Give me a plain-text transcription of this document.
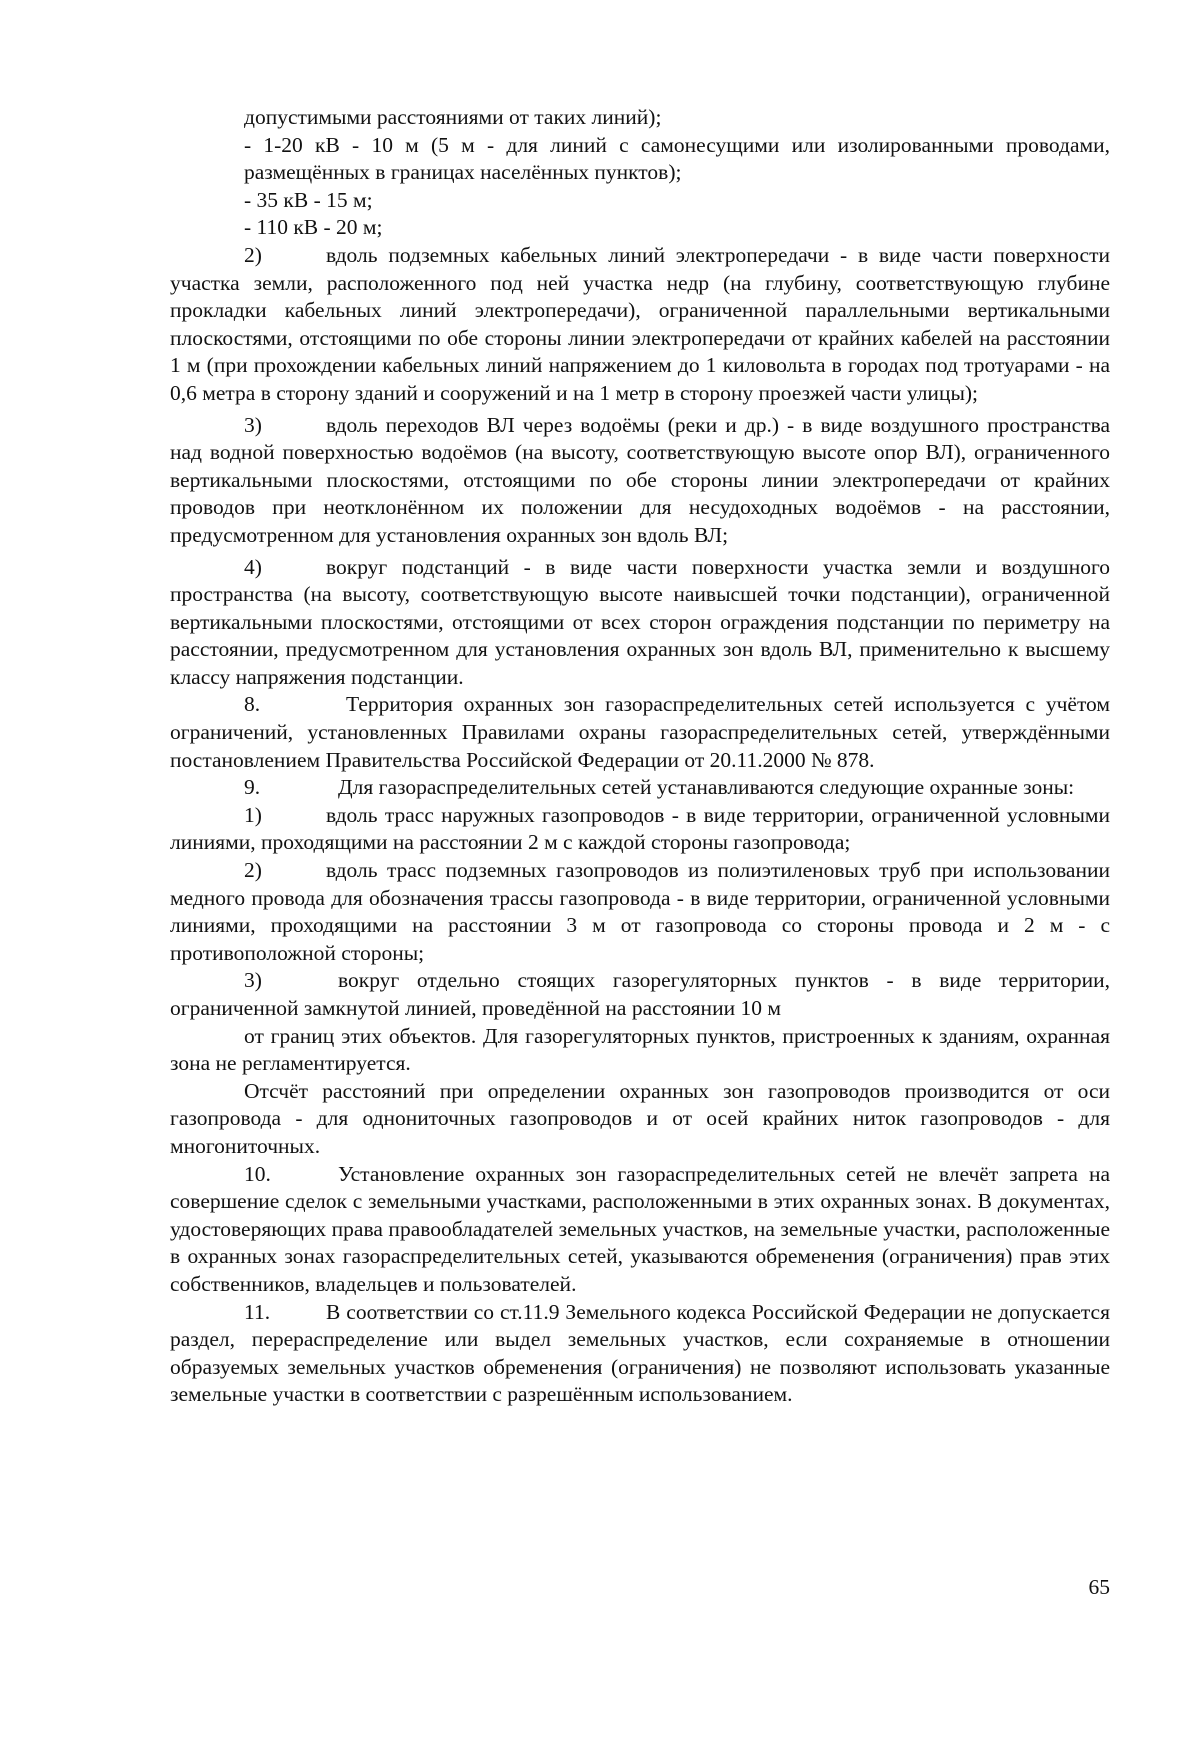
допустимыми расстояниями от таких линий);

- 1-20 кВ - 10 м (5 м - для линий с самонесущими или изолированными проводами,

размещённых в границах населённых пунктов);

- 35 кВ - 15 м;

- 110 кВ - 20 м;

2)	вдоль подземных кабельных линий электропередачи - в виде части поверхности участка земли, расположенного под ней участка недр (на глубину, соответствующую глубине прокладки кабельных линий электропередачи), ограниченной параллельными вертикальными плоскостями, отстоящими по обе стороны линии электропередачи от крайних кабелей на расстоянии 1 м (при прохождении кабельных линий напряжением до 1 киловольта в городах под тротуарами - на 0,6 метра в сторону зданий и сооружений и на 1 метр в сторону проезжей части улицы);

3)	вдоль переходов ВЛ через водоёмы (реки и др.) - в виде воздушного пространства над водной поверхностью водоёмов (на высоту, соответствующую высоте опор ВЛ), ограниченного вертикальными плоскостями, отстоящими по обе стороны линии электропередачи от крайних проводов при неотклонённом их положении для несудоходных водоёмов - на расстоянии, предусмотренном для установления охранных зон вдоль ВЛ;

4)	вокруг подстанций - в виде части поверхности участка земли и воздушного пространства (на высоту, соответствующую высоте наивысшей точки подстанции), ограниченной вертикальными плоскостями, отстоящими от всех сторон ограждения подстанции по периметру на расстоянии, предусмотренном для установления охранных зон вдоль ВЛ, применительно к высшему классу напряжения подстанции.

8.	Территория охранных зон газораспределительных сетей используется с учётом ограничений, установленных Правилами охраны газораспределительных сетей, утверждёнными постановлением Правительства Российской Федерации от 20.11.2000 № 878.

9.	Для газораспределительных сетей устанавливаются следующие охранные зоны:

1)	вдоль трасс наружных газопроводов - в виде территории, ограниченной условными линиями, проходящими на расстоянии 2 м с каждой стороны газопровода;

2)	вдоль трасс подземных газопроводов из полиэтиленовых труб при использовании медного провода для обозначения трассы газопровода - в виде территории, ограниченной условными линиями, проходящими на расстоянии 3 м от газопровода со стороны провода и 2 м - с противоположной стороны;

3)	вокруг отдельно стоящих газорегуляторных пунктов - в виде территории, ограниченной замкнутой линией, проведённой на расстоянии 10 м

от границ этих объектов. Для газорегуляторных пунктов, пристроенных к зданиям, охранная зона не регламентируется.

Отсчёт расстояний при определении охранных зон газопроводов производится от оси газопровода - для однониточных газопроводов и от осей крайних ниток газопроводов - для многониточных.

10.	Установление охранных зон газораспределительных сетей не влечёт запрета на совершение сделок с земельными участками, расположенными в этих охранных зонах. В документах, удостоверяющих права правообладателей земельных участков, на земельные участки, расположенные в охранных зонах газораспределительных сетей, указываются обременения (ограничения) прав этих собственников, владельцев и пользователей.

11.	В соответствии со ст.11.9 Земельного кодекса Российской Федерации не допускается раздел, перераспределение или выдел земельных участков, если сохраняемые в отношении образуемых земельных участков обременения (ограничения) не позволяют использовать указанные земельные участки в соответствии с разрешённым использованием.

65
